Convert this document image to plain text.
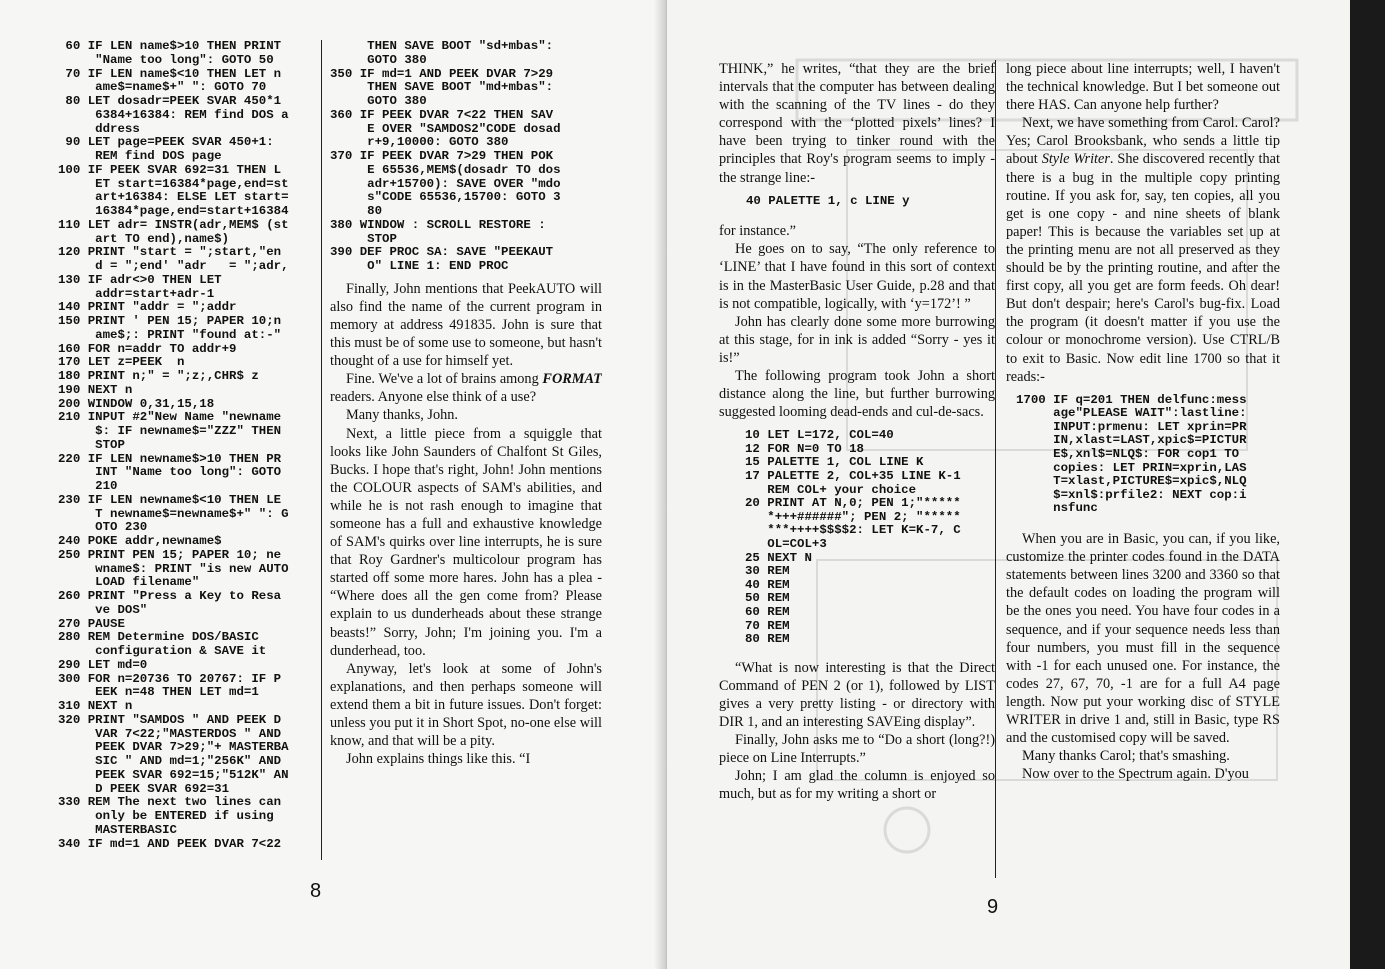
60 IF LEN name$>10 THEN PRINT
"Name too long": GOTO 50
70 IF LEN name$<10 THEN LET n
ame$=name$+" ": GOTO 70
80 LET dosadr=PEEK SVAR 450*1
6384+16384: REM find DOS a
ddress
90 LET page=PEEK SVAR 450+1:
REM find DOS page
100 IF PEEK SVAR 692=31 THEN L
ET start=16384*page,end=st
art+16384: ELSE LET start=
16384*page,end=start+16384
110 LET adr= INSTR(adr,MEM$ (st
art TO end),name$)
120 PRINT "start = ";start,"en
d = ";end' "adr   = ";adr,
130 IF adr<>0 THEN LET
addr=start+adr-1
140 PRINT "addr = ";addr
150 PRINT ' PEN 15; PAPER 10;n
ame$;: PRINT "found at:-"
160 FOR n=addr TO addr+9
170 LET z=PEEK  n
180 PRINT n;" = ";z;,CHR$ z
190 NEXT n
200 WINDOW 0,31,15,18
210 INPUT #2"New Name "newname
$: IF newname$="ZZZ" THEN
STOP
220 IF LEN newname$>10 THEN PR
INT "Name too long": GOTO
210
230 IF LEN newname$<10 THEN LE
T newname$=newname$+" ": G
OTO 230
240 POKE addr,newname$
250 PRINT PEN 15; PAPER 10; ne
wname$: PRINT "is new AUTO
LOAD filename"
260 PRINT "Press a Key to Resa
ve DOS"
270 PAUSE
280 REM Determine DOS/BASIC
configuration & SAVE it
290 LET md=0
300 FOR n=20736 TO 20767: IF P
EEK n=48 THEN LET md=1
310 NEXT n
320 PRINT "SAMDOS " AND PEEK D
VAR 7<22;"MASTERDOS " AND
PEEK DVAR 7>29;"+ MASTERBA
SIC " AND md=1;"256K" AND
PEEK SVAR 692=15;"512K" AN
D PEEK SVAR 692=31
330 REM The next two lines can
only be ENTERED if using
MASTERBASIC
340 IF md=1 AND PEEK DVAR 7<22
THEN SAVE BOOT "sd+mbas":
GOTO 380
350 IF md=1 AND PEEK DVAR 7>29
THEN SAVE BOOT "md+mbas":
GOTO 380
360 IF PEEK DVAR 7<22 THEN SAV
E OVER "SAMDOS2"CODE dosad
r+9,10000: GOTO 380
370 IF PEEK DVAR 7>29 THEN POK
E 65536,MEM$(dosadr TO dos
adr+15700): SAVE OVER "mdo
s"CODE 65536,15700: GOTO 3
80
380 WINDOW : SCROLL RESTORE :
STOP
390 DEF PROC SA: SAVE "PEEKAUT
O" LINE 1: END PROC

Finally, John mentions that PeekAUTO will also find the name of the current program in memory at address 491835. John is sure that this must be of some use to someone, but hasn't thought of a use for himself yet.

Fine. We've a lot of brains among FORMAT readers. Anyone else think of a use?

Many thanks, John.

Next, a little piece from a squiggle that looks like John Saunders of Chalfont St Giles, Bucks. I hope that's right, John! John mentions the COLOUR aspects of SAM's abilities, and while he is not rash enough to imagine that someone has a full and exhaustive knowledge of SAM's quirks over line interrupts, he is sure that Roy Gardner's multicolour program has started off some more hares. John has a plea - “Where does all the gen come from? Please explain to us dunderheads about these strange beasts!” Sorry, John; I'm joining you. I'm a dunderhead, too.

Anyway, let's look at some of John's explanations, and then perhaps someone will extend them a bit in future issues. Don't forget: unless you put it in Short Spot, no-one else will know, and that will be a pity.

John explains things like this. “I

8

THINK,” he writes, “that they are the brief intervals that the computer has between dealing with the scanning of the TV lines - do they correspond with the ‘plotted pixels’ lines? I have been trying to tinker round with the principles that Roy's program seems to imply - the strange line:-

40 PALETTE 1, c LINE y

for instance.”

He goes on to say, “The only reference to ‘LINE’ that I have found in this sort of context is in the MasterBasic User Guide, p.28 and that is not compatible, logically, with ‘y=172’! ”

John has clearly done some more burrowing at this stage, for in ink is added “Sorry - yes it is!”

The following program took John a short distance along the line, but further burrowing suggested looming dead-ends and cul-de-sacs.

10 LET L=172, COL=40
12 FOR N=0 TO 18
15 PALETTE 1, COL LINE K
17 PALETTE 2, COL+35 LINE K-1
REM COL+ your choice
20 PRINT AT N,0; PEN 1;"*****
*+++######"; PEN 2; "*****
***++++$$$$2: LET K=K-7, C
OL=COL+3
25 NEXT N
30 REM
40 REM
50 REM
60 REM
70 REM
80 REM

“What is now interesting is that the Direct Command of PEN 2 (or 1), followed by LIST gives a very pretty listing - or directory with DIR 1, and an interesting SAVEing display”.

Finally, John asks me to “Do a short (long?!) piece on Line Interrupts.”

John; I am glad the column is enjoyed so much, but as for my writing a short or

long piece about line interrupts; well, I haven't the technical knowledge. But I bet someone out there HAS. Can anyone help further?

Next, we have something from Carol. Carol? Yes; Carol Brooksbank, who sends a little tip about Style Writer. She discovered recently that there is a bug in the multiple copy printing routine. If you ask for, say, ten copies, all you get is one copy - and nine sheets of blank paper! This is because the variables set up at the printing menu are not all preserved as they should be by the printing routine, and after the first copy, all you get are form feeds. Oh dear! But don't despair; here's Carol's bug-fix. Load the program (it doesn't matter if you use the colour or monochrome version). Use CTRL/B to exit to Basic. Now edit line 1700 so that it reads:-

1700 IF q=201 THEN delfunc:mess
age"PLEASE WAIT":lastline:
INPUT:prmenu: LET xprin=PR
IN,xlast=LAST,xpic$=PICTUR
E$,xnl$=NLQ$: FOR cop1 TO
copies: LET PRIN=xprin,LAS
T=xlast,PICTURE$=xpic$,NLQ
$=xnl$:prfile2: NEXT cop:i
nsfunc

When you are in Basic, you can, if you like, customize the printer codes found in the DATA statements between lines 3200 and 3360 so that the default codes on loading the program will be the ones you need. You have four codes in a sequence, and if your sequence needs less than four numbers, you must fill in the sequence with -1 for each unused one. For instance, the codes 27, 67, 70, -1 are for a full A4 page length. Now put your working disc of STYLE WRITER in drive 1 and, still in Basic, type RS and the customised copy will be saved.

Many thanks Carol; that's smashing.

Now over to the Spectrum again. D'you

9
